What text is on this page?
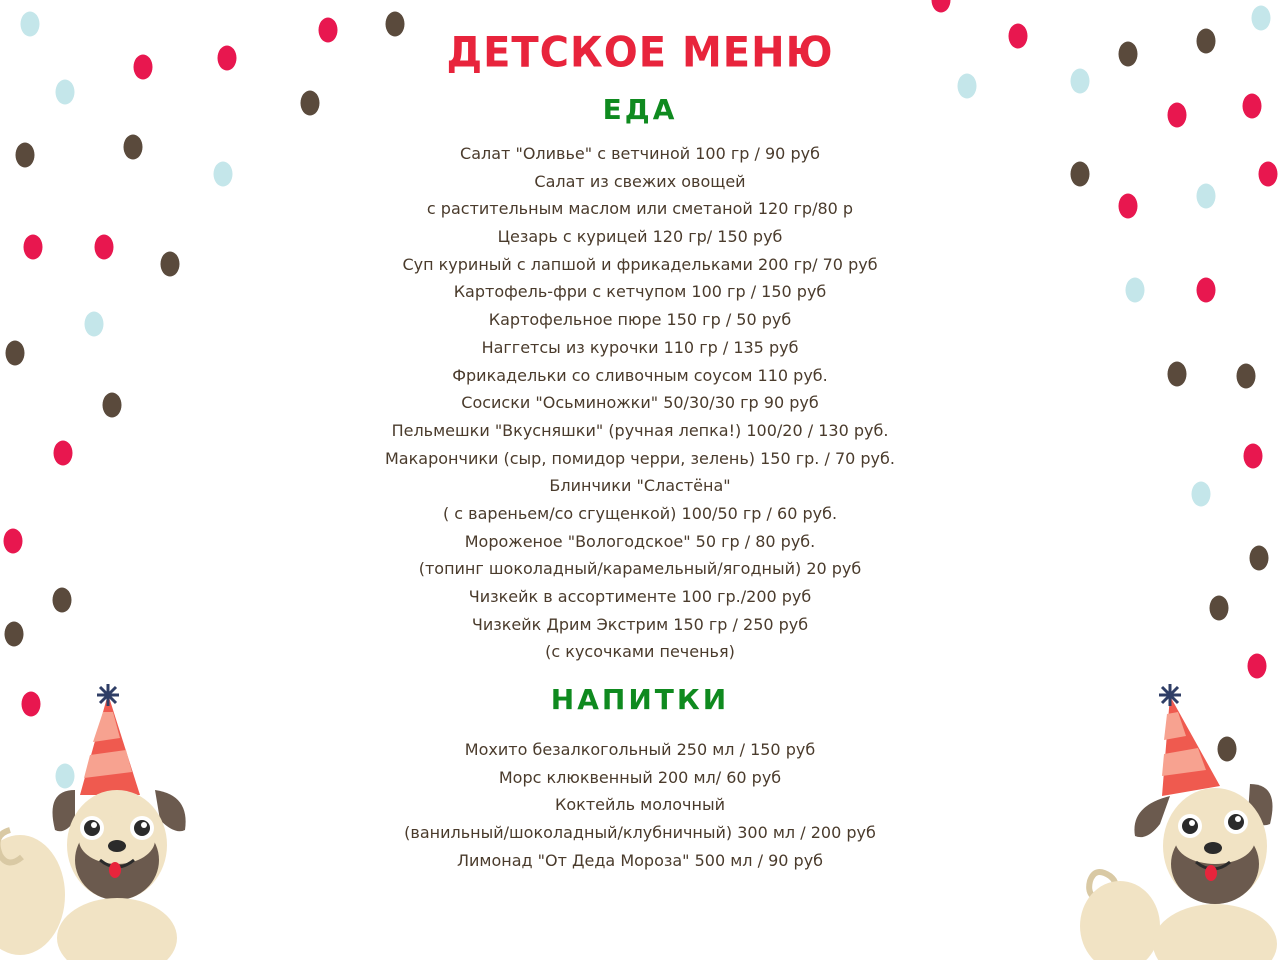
ДЕТСКОЕ МЕНЮ
ЕДА
Салат "Оливье" с ветчиной 100 гр / 90 руб
Салат из свежих овощей
с растительным маслом или сметаной 120 гр/80 р
Цезарь с курицей 120 гр/ 150 руб
Суп куриный с лапшой и фрикадельками 200 гр/ 70 руб
Картофель-фри с кетчупом 100 гр / 150 руб
Картофельное пюре 150 гр / 50 руб
Наггетсы из курочки 110 гр / 135 руб
Фрикадельки со сливочным соусом 110 руб.
Сосиски "Осьминожки" 50/30/30 гр 90 руб
Пельмешки "Вкусняшки" (ручная лепка!) 100/20 / 130 руб.
Макарончики (сыр, помидор черри, зелень) 150 гр. / 70 руб.
Блинчики "Сластёна"
( с вареньем/со сгущенкой) 100/50 гр / 60 руб.
Мороженое "Вологодское" 50 гр / 80 руб.
(топинг шоколадный/карамельный/ягодный) 20 руб
Чизкейк в ассортименте 100 гр./200 руб
Чизкейк Дрим Экстрим 150 гр / 250 руб
(с кусочками печенья)
НАПИТКИ
Мохито безалкогольный 250 мл / 150 руб
Морс клюквенный 200 мл/ 60 руб
Коктейль молочный
(ванильный/шоколадный/клубничный) 300 мл / 200 руб
Лимонад "От Деда Мороза" 500 мл / 90 руб
